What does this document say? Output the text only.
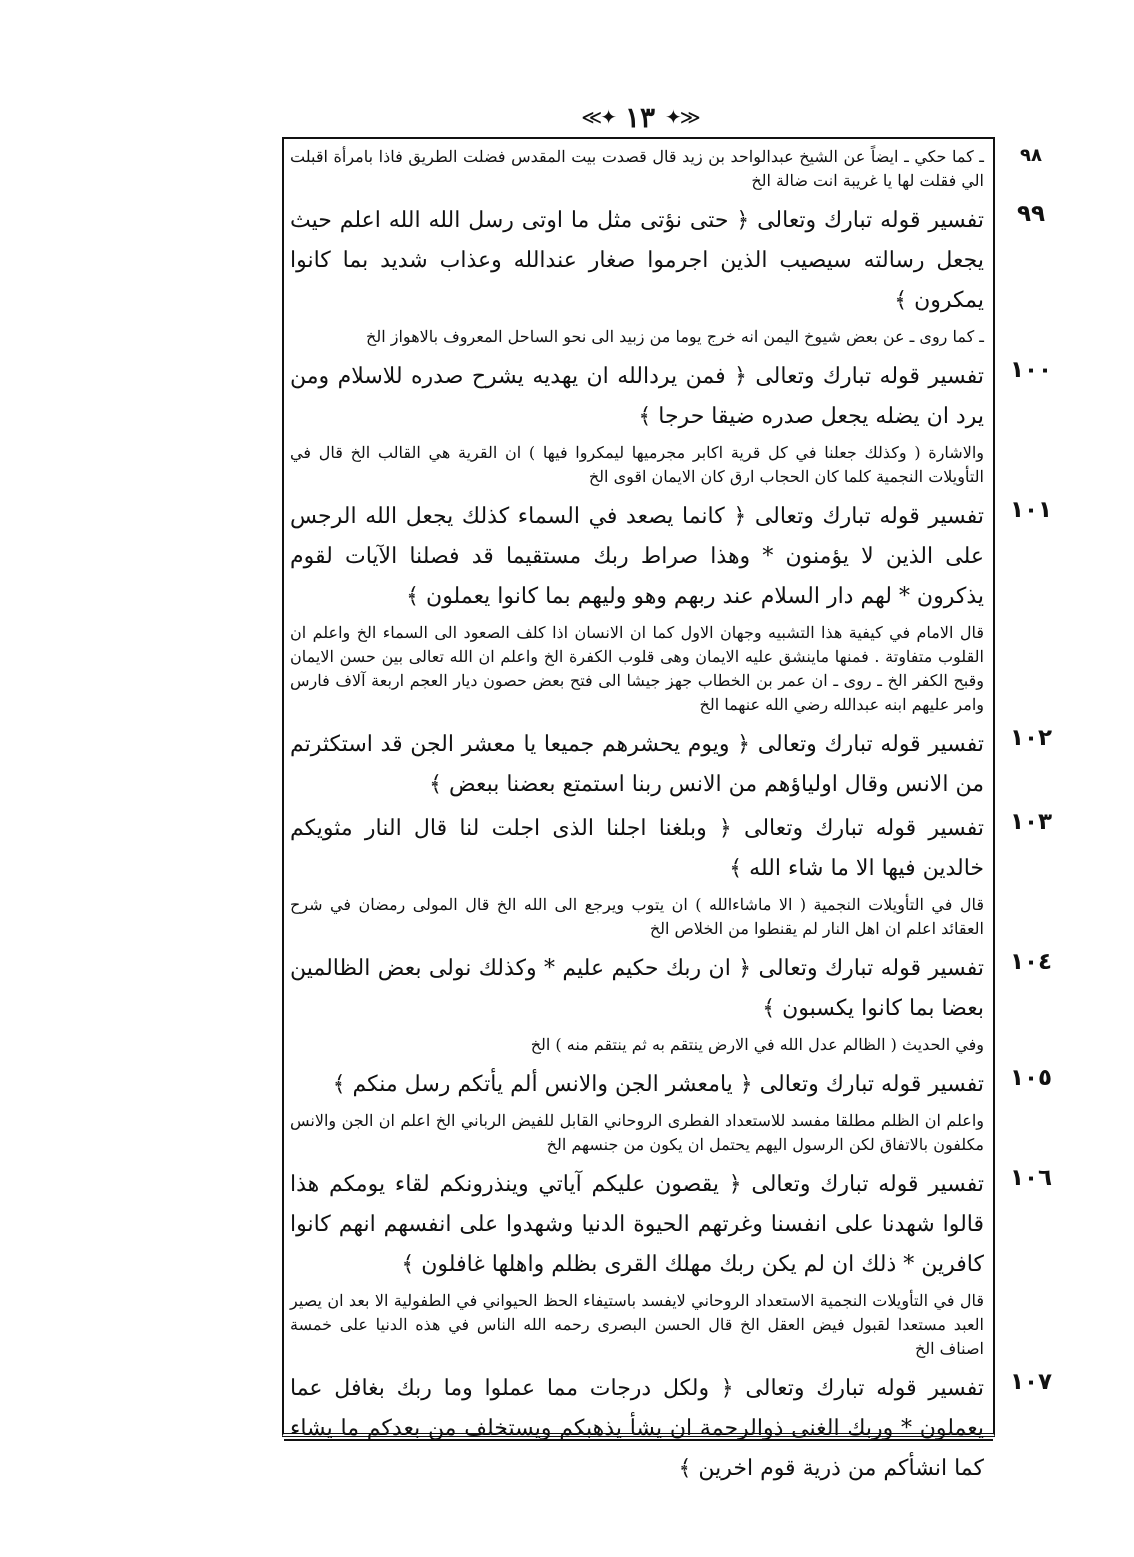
≪✦ ١٣ ✦≫
٩٨

ـ كما حكي ـ ايضاً عن الشيخ عبدالواحد بن زيد قال قصدت بيت المقدس فضلت الطريق فاذا بامرأة اقبلت الي فقلت لها يا غريبة انت ضالة الخ

٩٩

تفسير قوله تبارك وتعالى ﴿ حتى نؤتى مثل ما اوتى رسل الله الله اعلم حيث يجعل رسالته سيصيب الذين اجرموا صغار عندالله وعذاب شديد بما كانوا يمكرون ﴾

ـ كما روى ـ عن بعض شيوخ اليمن انه خرج يوما من زبيد الى نحو الساحل المعروف بالاهواز الخ

١٠٠

تفسير قوله تبارك وتعالى ﴿ فمن يردالله ان يهديه يشرح صدره للاسلام ومن يرد ان يضله يجعل صدره ضيقا حرجا ﴾

والاشارة ( وكذلك جعلنا في كل قرية اكابر مجرميها ليمكروا فيها ) ان القرية هي القالب الخ قال في التأويلات النجمية كلما كان الحجاب ارق كان الايمان اقوى الخ

١٠١

تفسير قوله تبارك وتعالى ﴿ كانما يصعد في السماء كذلك يجعل الله الرجس على الذين لا يؤمنون * وهذا صراط ربك مستقيما قد فصلنا الآيات لقوم يذكرون * لهم دار السلام عند ربهم وهو وليهم بما كانوا يعملون ﴾

قال الامام في كيفية هذا التشبيه وجهان الاول كما ان الانسان اذا كلف الصعود الى السماء الخ واعلم ان القلوب متفاوتة . فمنها ماينشق عليه الايمان وهى قلوب الكفرة الخ واعلم ان الله تعالى بين حسن الايمان وقبح الكفر الخ ـ روى ـ ان عمر بن الخطاب جهز جيشا الى فتح بعض حصون ديار العجم اربعة آلاف فارس وامر عليهم ابنه عبدالله رضي الله عنهما الخ

١٠٢

تفسير قوله تبارك وتعالى ﴿ ويوم يحشرهم جميعا يا معشر الجن قد استكثرتم من الانس وقال اولياؤهم من الانس ربنا استمتع بعضنا ببعض ﴾

١٠٣

تفسير قوله تبارك وتعالى ﴿ وبلغنا اجلنا الذى اجلت لنا قال النار مثويكم خالدين فيها الا ما شاء الله ﴾

قال في التأويلات النجمية ( الا ماشاءالله ) ان يتوب ويرجع الى الله الخ قال المولى رمضان في شرح العقائد اعلم ان اهل النار لم يقنطوا من الخلاص الخ

١٠٤

تفسير قوله تبارك وتعالى ﴿ ان ربك حكيم عليم * وكذلك نولى بعض الظالمين بعضا بما كانوا يكسبون ﴾

وفي الحديث ( الظالم عدل الله في الارض ينتقم به ثم ينتقم منه ) الخ

١٠٥

تفسير قوله تبارك وتعالى ﴿ يامعشر الجن والانس ألم يأتكم رسل منكم ﴾

واعلم ان الظلم مطلقا مفسد للاستعداد الفطرى الروحاني القابل للفيض الرباني الخ اعلم ان الجن والانس مكلفون بالاتفاق لكن الرسول اليهم يحتمل ان يكون من جنسهم الخ

١٠٦

تفسير قوله تبارك وتعالى ﴿ يقصون عليكم آياتي وينذرونكم لقاء يومكم هذا قالوا شهدنا على انفسنا وغرتهم الحيوة الدنيا وشهدوا على انفسهم انهم كانوا كافرين * ذلك ان لم يكن ربك مهلك القرى بظلم واهلها غافلون ﴾

قال في التأويلات النجمية الاستعداد الروحاني لايفسد باستيفاء الحظ الحيواني في الطفولية الا بعد ان يصير العبد مستعدا لقبول فيض العقل الخ قال الحسن البصرى رحمه الله الناس في هذه الدنيا على خمسة اصناف الخ

١٠٧

تفسير قوله تبارك وتعالى ﴿ ولكل درجات مما عملوا وما ربك بغافل عما يعملون * وربك الغنى ذوالرحمة ان يشأ يذهبكم ويستخلف من بعدكم ما يشاء كما انشأكم من ذرية قوم اخرين ﴾
